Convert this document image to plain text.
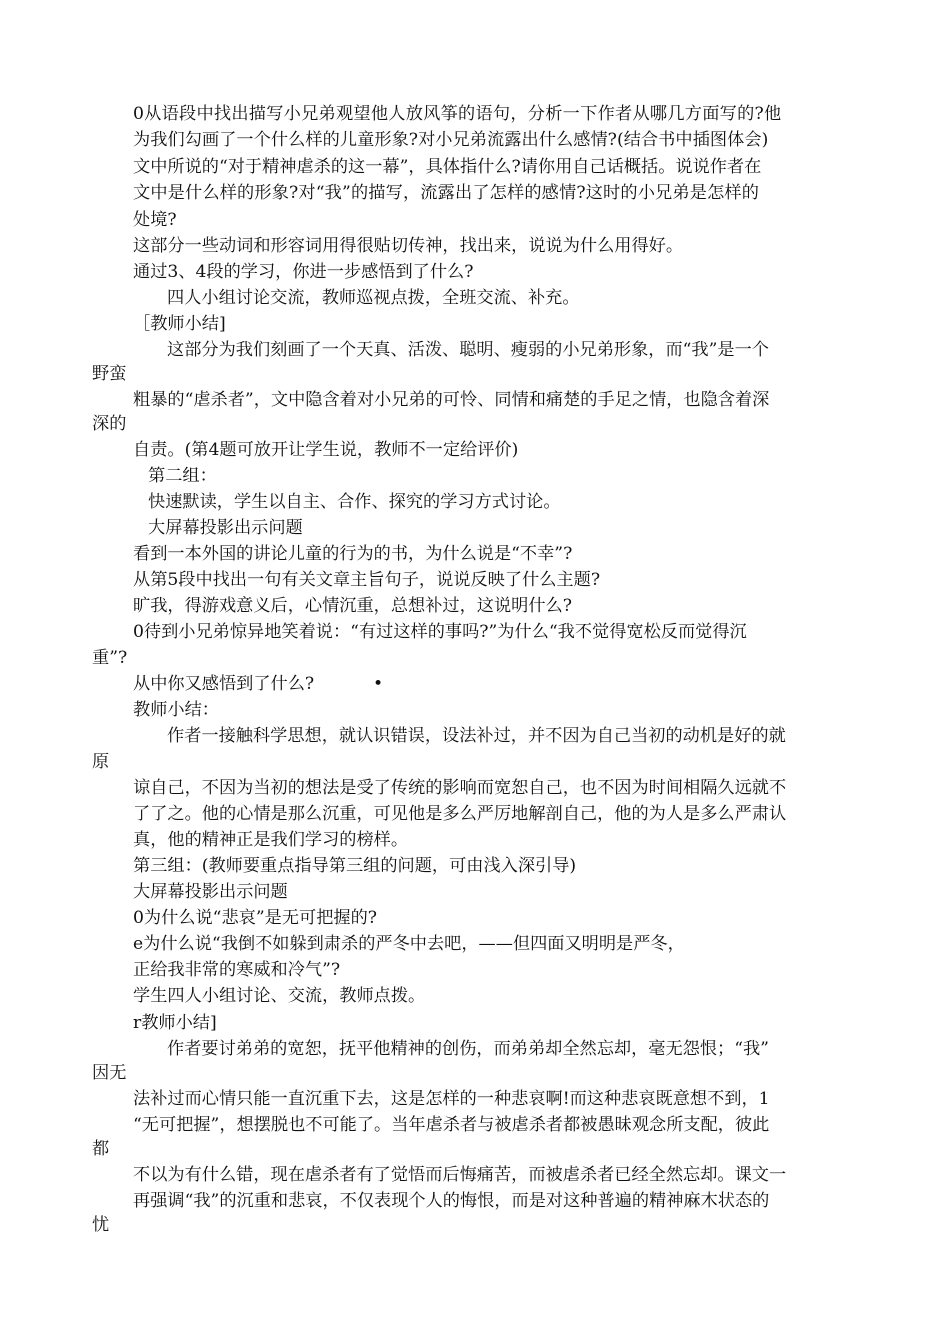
0从语段中找出描写小兄弟观望他人放风筝的语句，分析一下作者从哪几方面写的?他
为我们勾画了一个什么样的儿童形象?对小兄弟流露出什么感情?(结合书中插图体会)
文中所说的“对于精神虐杀的这一幕”，具体指什么?请你用自己话概括。说说作者在
文中是什么样的形象?对“我”的描写，流露出了怎样的感情?这时的小兄弟是怎样的
处境?
这部分一些动词和形容词用得很贴切传神，找出来，说说为什么用得好。
通过3、4段的学习，你进一步感悟到了什么?
四人小组讨论交流，教师巡视点拨，全班交流、补充。
［教师小结]
这部分为我们刻画了一个天真、活泼、聪明、瘦弱的小兄弟形象，而“我”是一个
野蛮
粗暴的“虐杀者”，文中隐含着对小兄弟的可怜、同情和痛楚的手足之情，也隐含着深
深的
自责。(第4题可放开让学生说，教师不一定给评价)
第二组：
快速默读，学生以自主、合作、探究的学习方式讨论。
大屏幕投影出示问题
看到一本外国的讲论儿童的行为的书，为什么说是“不幸”?
从第5段中找出一句有关文章主旨句子，说说反映了什么主题?
旷我，得游戏意义后，心情沉重，总想补过，这说明什么?
0待到小兄弟惊异地笑着说：“有过这样的事吗?”为什么“我不觉得宽松反而觉得沉
重”?
从中你又感悟到了什么?	•
教师小结：
作者一接触科学思想，就认识错误，设法补过，并不因为自己当初的动机是好的就
原
谅自己，不因为当初的想法是受了传统的影响而宽恕自己，也不因为时间相隔久远就不
了了之。他的心情是那么沉重，可见他是多么严厉地解剖自己，他的为人是多么严肃认
真，他的精神正是我们学习的榜样。
第三组：(教师要重点指导第三组的问题，可由浅入深引导)
大屏幕投影出示问题
0为什么说“悲哀”是无可把握的?
e为什么说“我倒不如躲到肃杀的严冬中去吧，——但四面又明明是严冬，
正给我非常的寒威和冷气”?
学生四人小组讨论、交流，教师点拨。
r教师小结]
作者要讨弟弟的宽恕，抚平他精神的创伤，而弟弟却全然忘却，毫无怨恨；“我”
因无
法补过而心情只能一直沉重下去，这是怎样的一种悲哀啊!而这种悲哀既意想不到，1
“无可把握”，想摆脱也不可能了。当年虐杀者与被虐杀者都被愚昧观念所支配，彼此
都
不以为有什么错，现在虐杀者有了觉悟而后悔痛苦，而被虐杀者已经全然忘却。课文一
再强调“我”的沉重和悲哀，不仅表现个人的悔恨，而是对这种普遍的精神麻木状态的
忧
